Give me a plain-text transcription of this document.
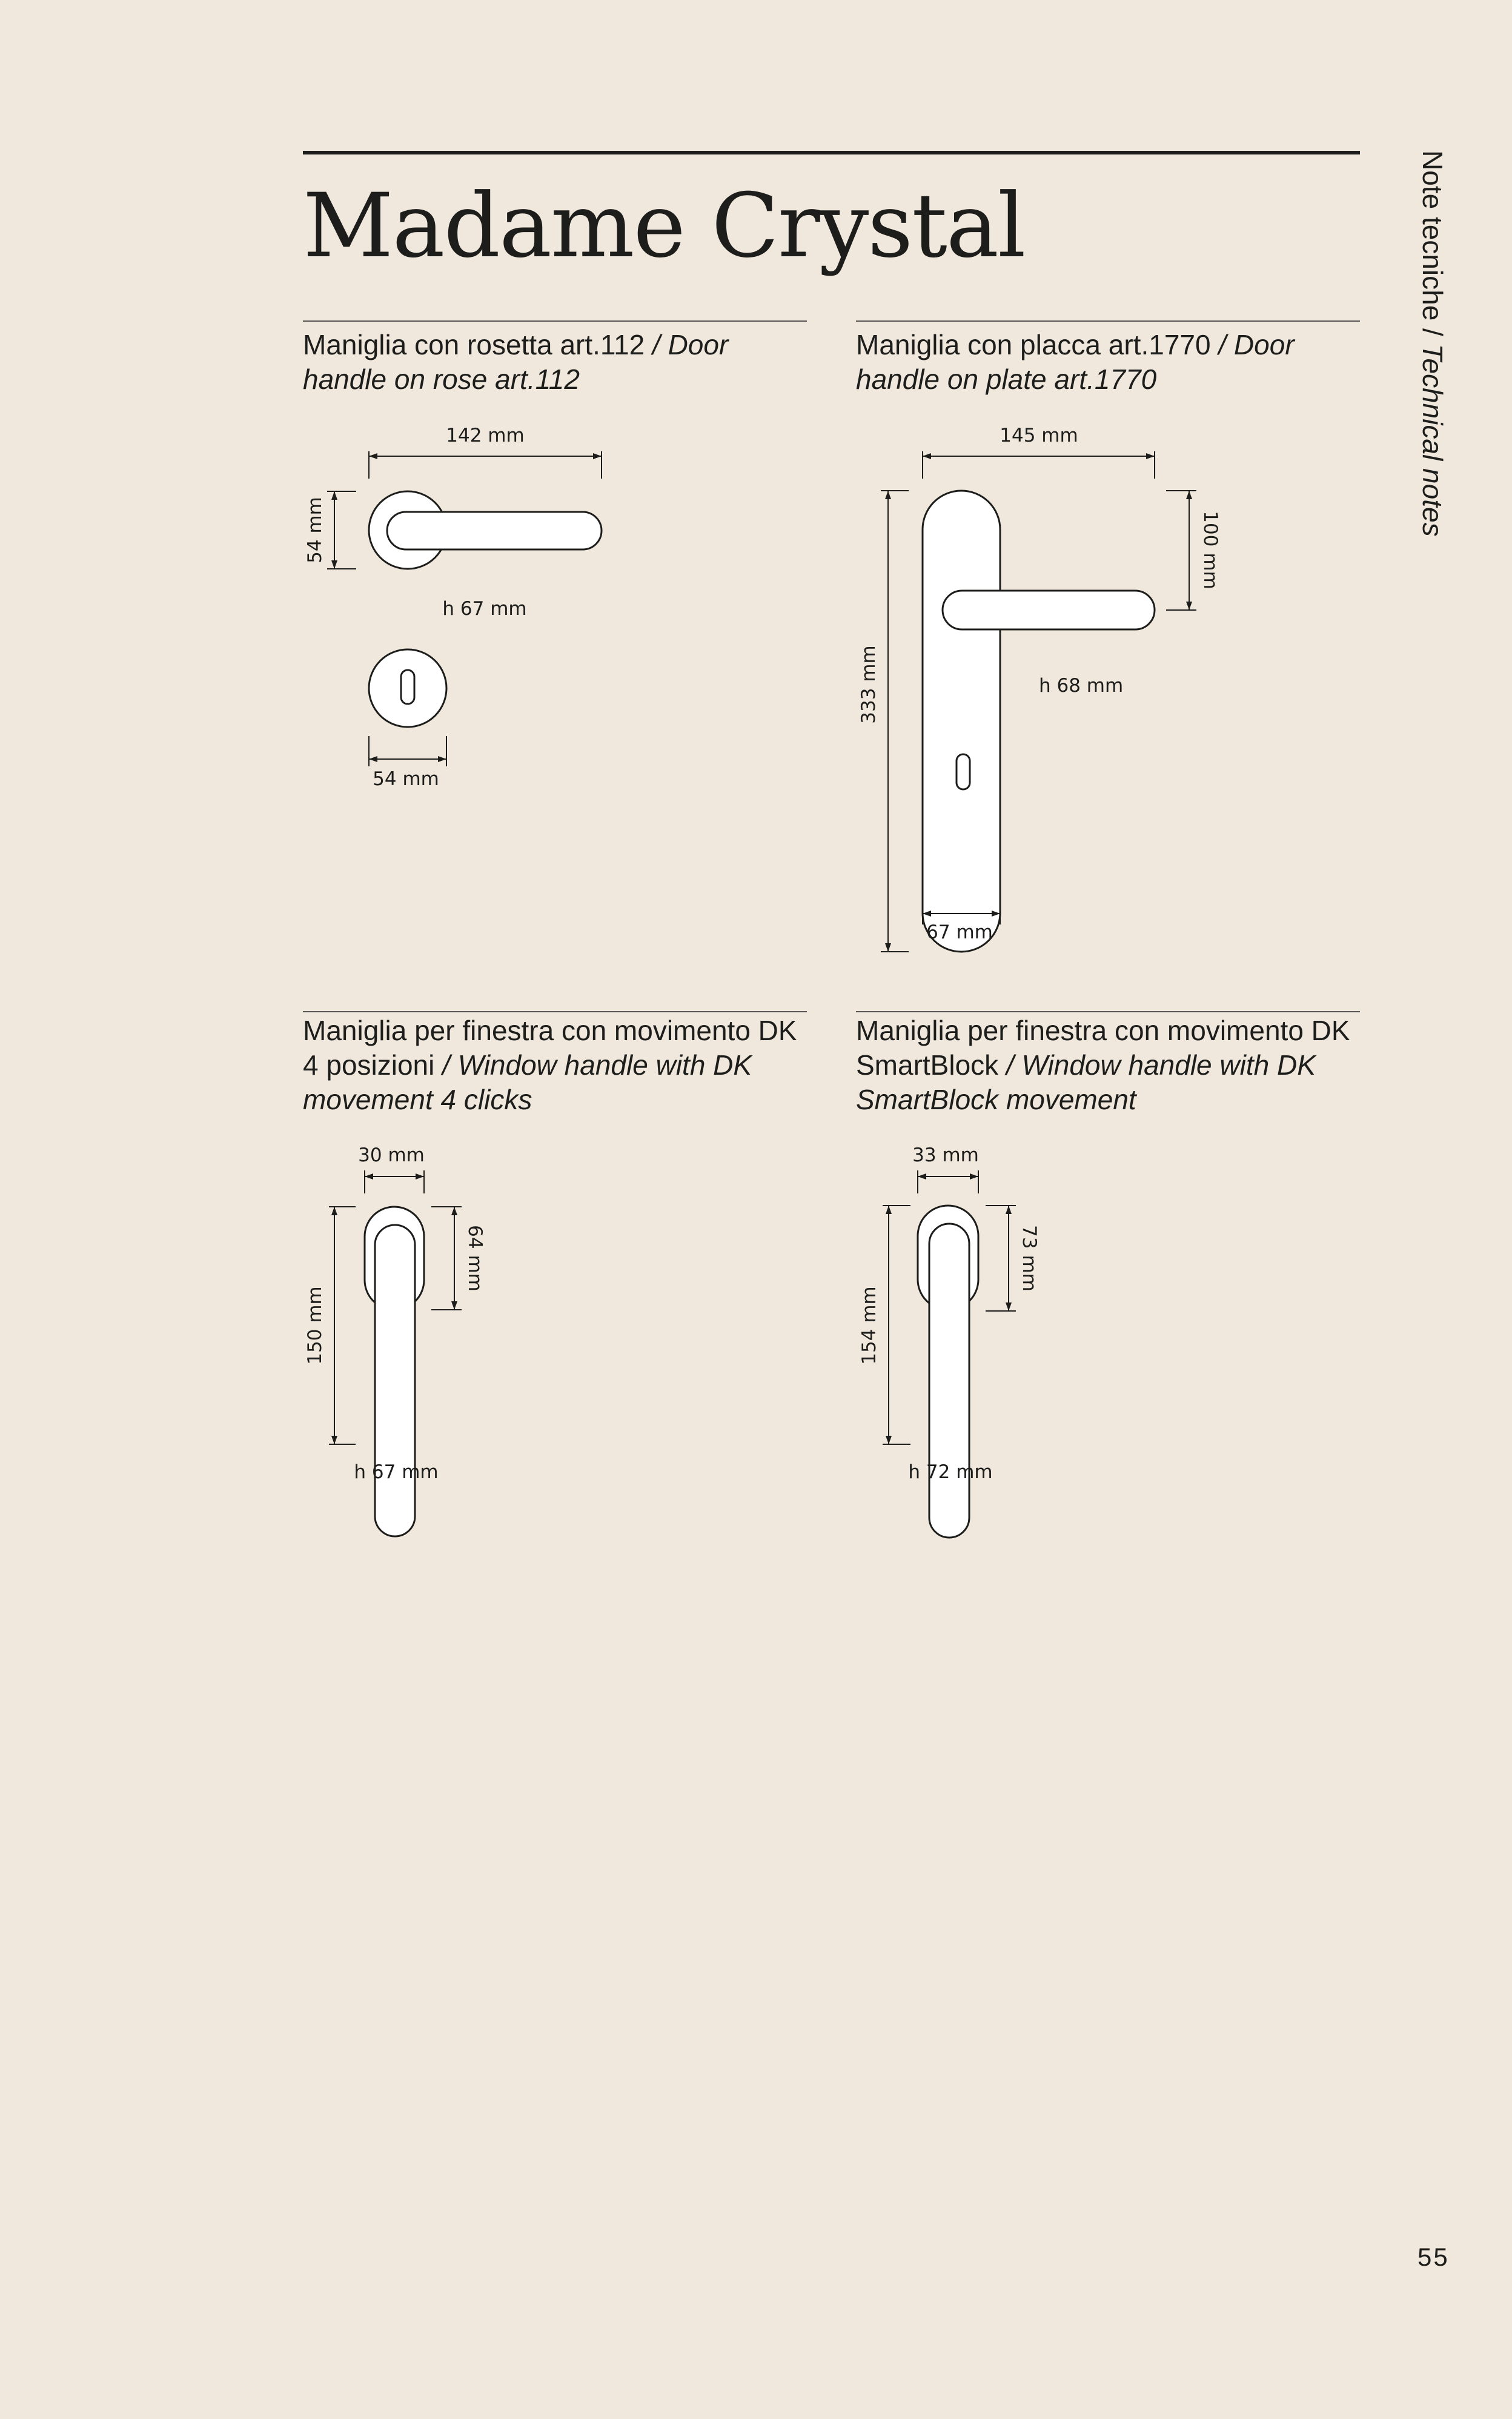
Madame Crystal	Note tecniche / Technical notes
Maniglia con rosetta art.112 / Door handle on rose art.112
142 mm
54 mm
h 67 mm
54 mm
Maniglia con placca art.1770 / Door handle on plate art.1770
145 mm
100 mm
333 mm	h 68 mm
67 mm
Maniglia per finestra con movimento DK 4 posizioni / Window handle with DK movement 4 clicks
30 mm
64 mm
150 mm
h 67 mm
Maniglia per finestra con movimento DK SmartBlock / Window handle with DK SmartBlock movement
33 mm
73 mm
154 mm
h 72 mm
55
